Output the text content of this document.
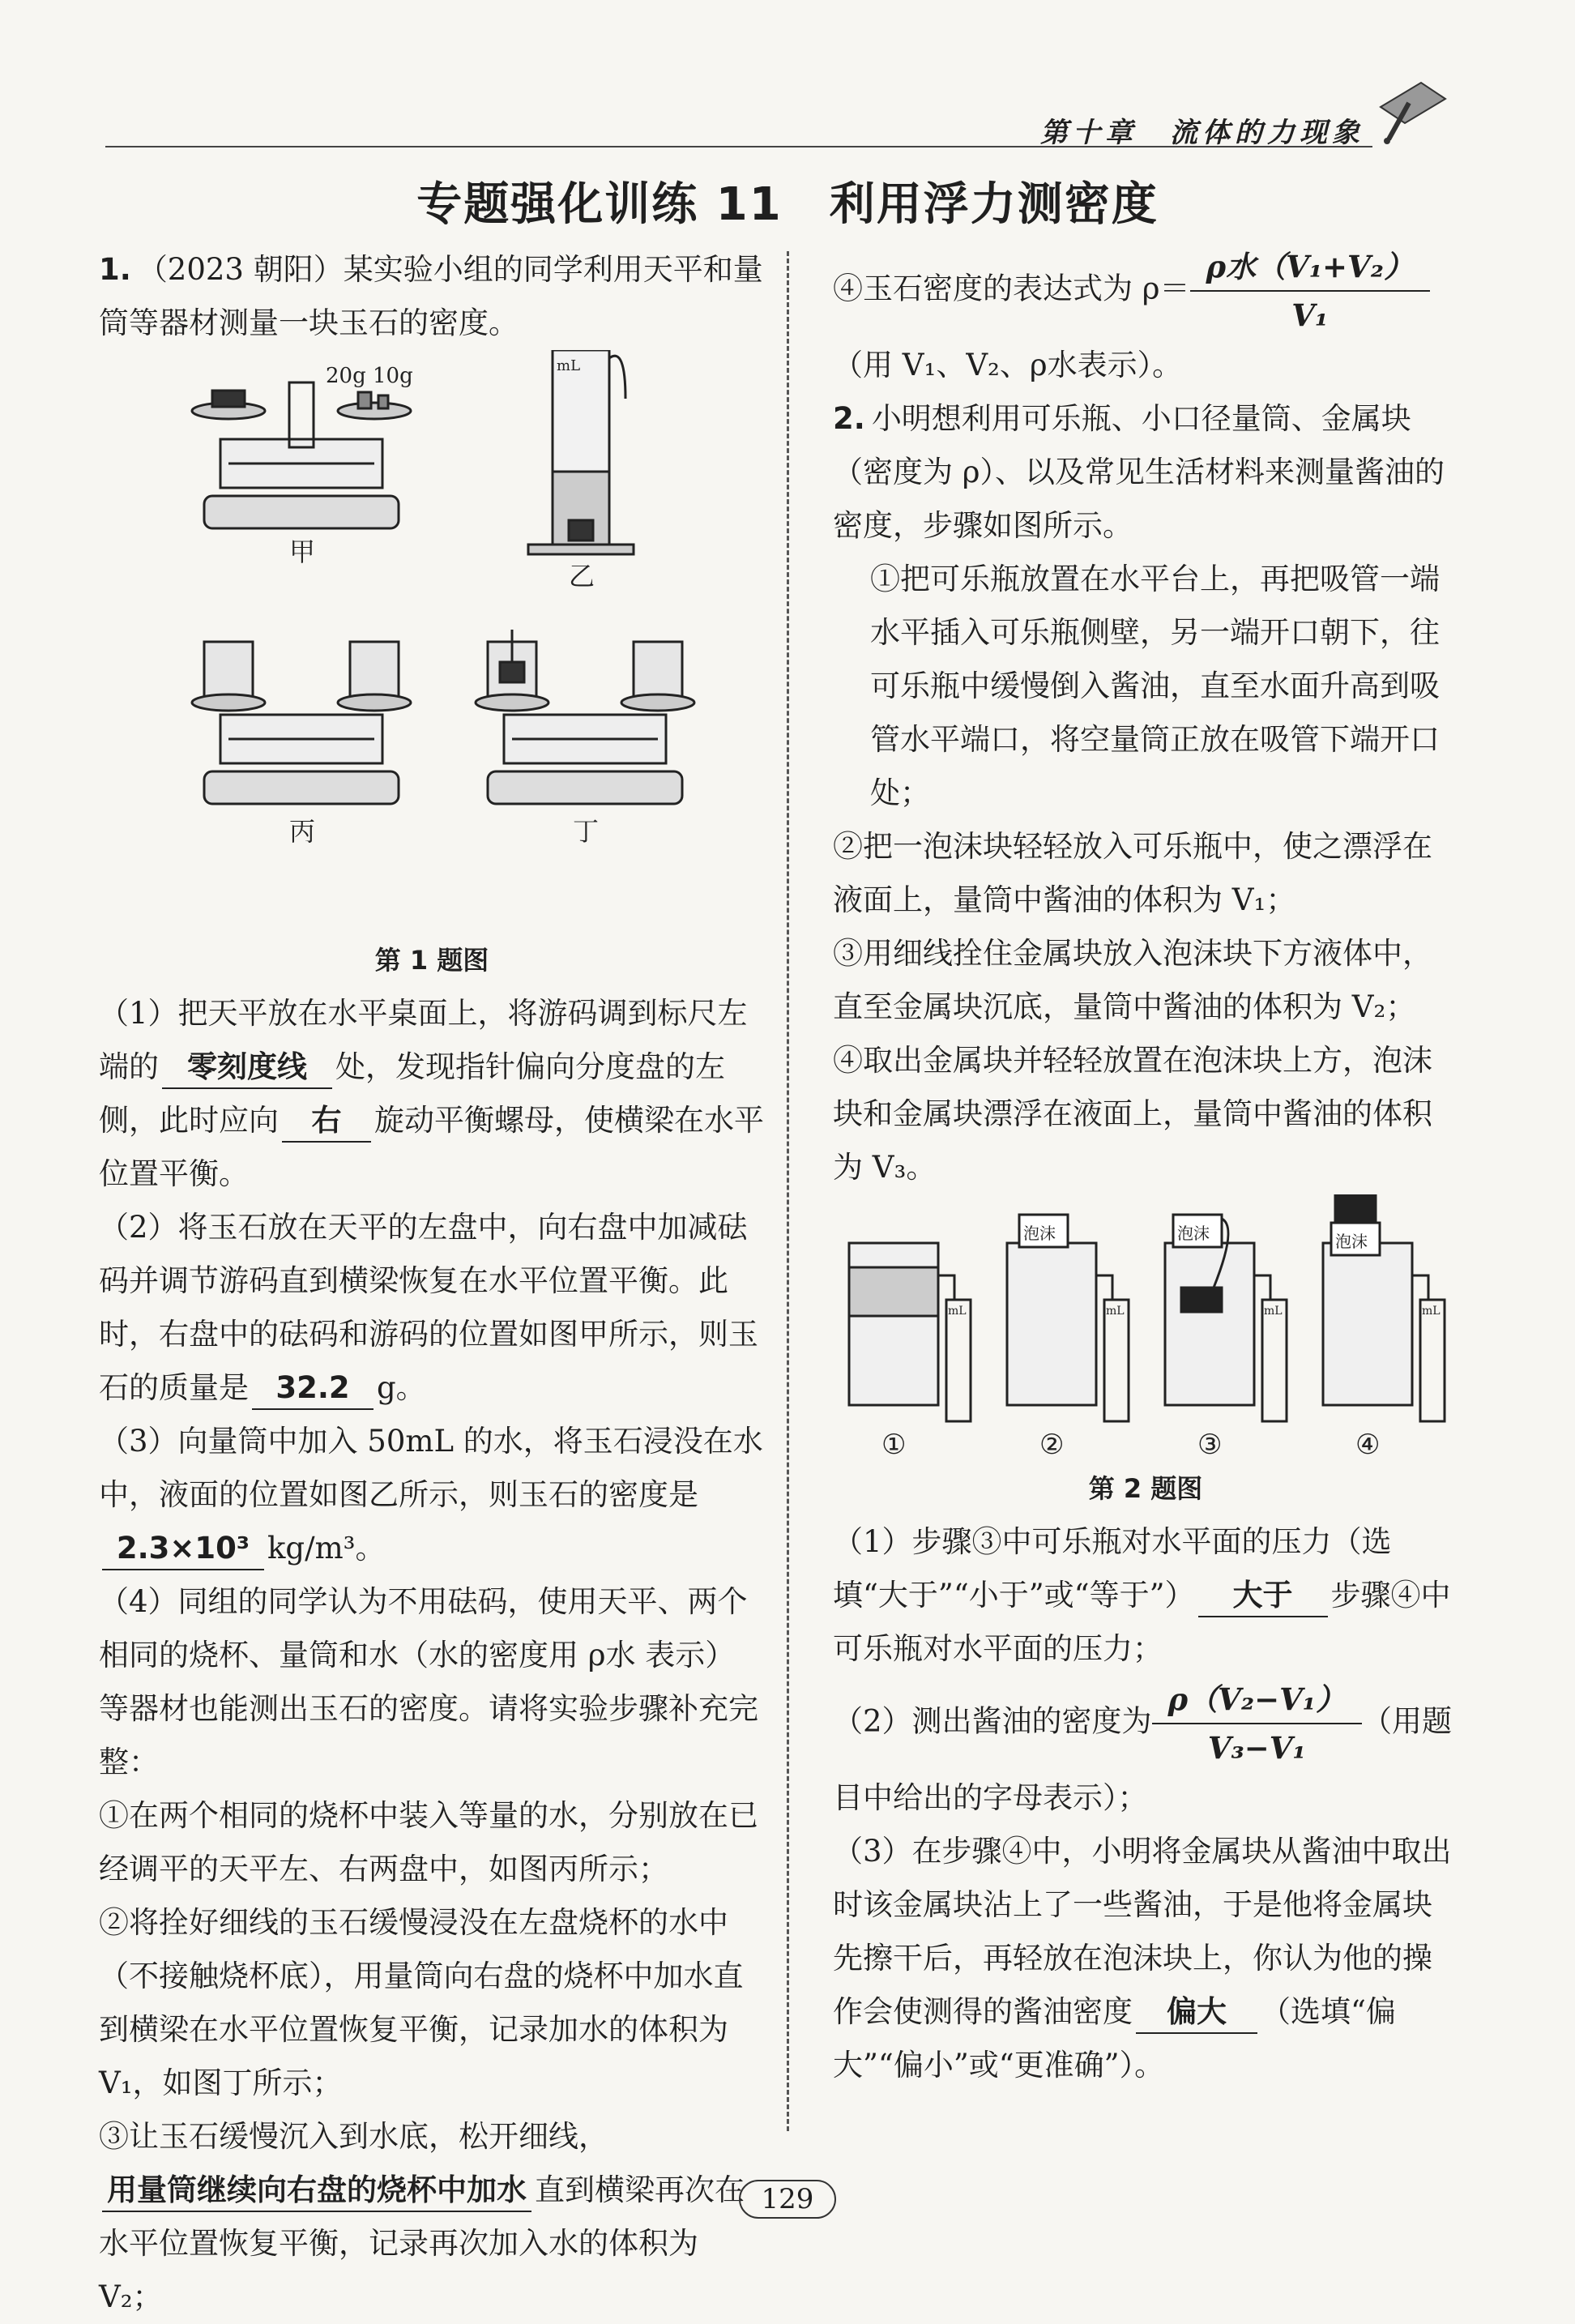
第十章　流体的力现象
专题强化训练 11　利用浮力测密度

1. （2023 朝阳）某实验小组的同学利用天平和量筒等器材测量一块玉石的密度。

20g 10g
甲
mL
乙
丙	丁

第 1 题图

（1）把天平放在水平桌面上，将游码调到标尺左端的 零刻度线 处，发现指针偏向分度盘的左侧，此时应向 右 旋动平衡螺母，使横梁在水平位置平衡。

（2）将玉石放在天平的左盘中，向右盘中加减砝码并调节游码直到横梁恢复在水平位置平衡。此时，右盘中的砝码和游码的位置如图甲所示，则玉石的质量是 32.2 g。

（3）向量筒中加入 50mL 的水，将玉石浸没在水中，液面的位置如图乙所示，则玉石的密度是2.3×10³ kg/m³。

（4）同组的同学认为不用砝码，使用天平、两个相同的烧杯、量筒和水（水的密度用 ρ水 表示）等器材也能测出玉石的密度。请将实验步骤补充完整：

①在两个相同的烧杯中装入等量的水，分别放在已经调平的天平左、右两盘中，如图丙所示；

②将拴好细线的玉石缓慢浸没在左盘烧杯的水中（不接触烧杯底），用量筒向右盘的烧杯中加水直到横梁在水平位置恢复平衡，记录加水的体积为 V₁，如图丁所示；

③让玉石缓慢沉入到水底，松开细线，用量筒继续向右盘的烧杯中加水 直到横梁再次在水平位置恢复平衡，记录再次加入水的体积为 V₂；

④玉石密度的表达式为 $\rho= \frac{\text{ρ水（V₁+V₂）}}{\text{V₁}}$

（用 V₁、V₂、ρ水表示）。

2. 小明想利用可乐瓶、小口径量筒、金属块（密度为 ρ）、以及常见生活材料来测量酱油的密度，步骤如图所示。

①把可乐瓶放置在水平台上，再把吸管一端水平插入可乐瓶侧壁，另一端开口朝下，往可乐瓶中缓慢倒入酱油，直至水面升高到吸管水平端口，将空量筒正放在吸管下端开口处；

②把一泡沫块轻轻放入可乐瓶中，使之漂浮在液面上，量筒中酱油的体积为 V₁；

③用细线拴住金属块放入泡沫块下方液体中，直至金属块沉底，量筒中酱油的体积为 V₂；

④取出金属块并轻轻放置在泡沫块上方，泡沫块和金属块漂浮在液面上，量筒中酱油的体积为 V₃。

mL
①
泡沫
mL
②
泡沫
mL
③
泡沫
mL
④

第 2 题图

（1）步骤③中可乐瓶对水平面的压力（选填“大于”“小于”或“等于”） 大于 步骤④中可乐瓶对水平面的压力；

（2）测出酱油的密度为 $\frac{\text{ρ（V₂−V₁）}}{\text{V₃−V₁}}$ （用题目中给出的字母表示）；

（3）在步骤④中，小明将金属块从酱油中取出时该金属块沾上了一些酱油，于是他将金属块先擦干后，再轻放在泡沫块上，你认为他的操作会使测得的酱油密度 偏大 （选填“偏大”“偏小”或“更准确”）。

129
